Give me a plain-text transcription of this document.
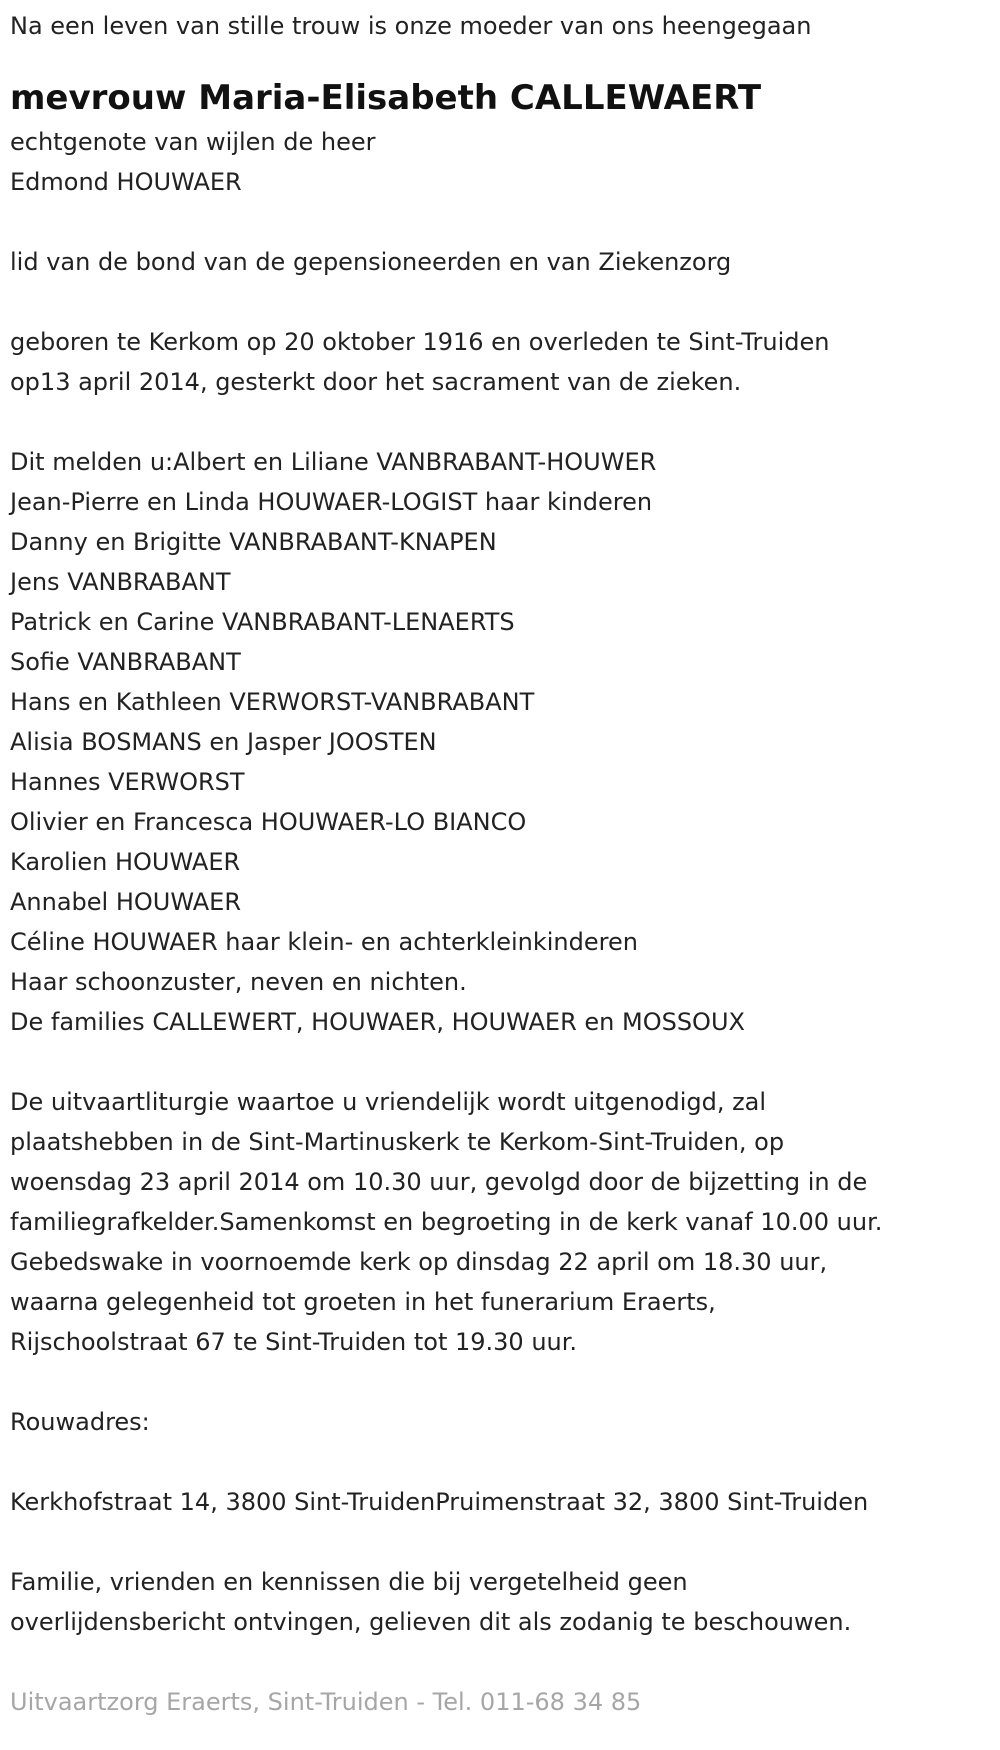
Na een leven van stille trouw is onze moeder van ons heengegaan
mevrouw Maria-Elisabeth CALLEWAERT
echtgenote van wijlen de heer
Edmond HOUWAER
lid van de bond van de gepensioneerden en van Ziekenzorg
geboren te Kerkom op 20 oktober 1916 en overleden te Sint-Truiden
op13 april 2014, gesterkt door het sacrament van de zieken.
Dit melden u:Albert en Liliane VANBRABANT-HOUWER
Jean-Pierre en Linda HOUWAER-LOGIST haar kinderen
Danny en Brigitte VANBRABANT-KNAPEN
Jens VANBRABANT
Patrick en Carine VANBRABANT-LENAERTS
Sofie VANBRABANT
Hans en Kathleen VERWORST-VANBRABANT
Alisia BOSMANS en Jasper JOOSTEN
Hannes VERWORST
Olivier en Francesca HOUWAER-LO BIANCO
Karolien HOUWAER
Annabel HOUWAER
Céline HOUWAER haar klein- en achterkleinkinderen
Haar schoonzuster, neven en nichten.
De families CALLEWERT, HOUWAER, HOUWAER en MOSSOUX
De uitvaartliturgie waartoe u vriendelijk wordt uitgenodigd, zal
plaatshebben in de Sint-Martinuskerk te Kerkom-Sint-Truiden, op
woensdag 23 april 2014 om 10.30 uur, gevolgd door de bijzetting in de
familiegrafkelder.Samenkomst en begroeting in de kerk vanaf 10.00 uur.
Gebedswake in voornoemde kerk op dinsdag 22 april om 18.30 uur,
waarna gelegenheid tot groeten in het funerarium Eraerts,
Rijschoolstraat 67 te Sint-Truiden tot 19.30 uur.
Rouwadres:
Kerkhofstraat 14, 3800 Sint-TruidenPruimenstraat 32, 3800 Sint-Truiden
Familie, vrienden en kennissen die bij vergetelheid geen
overlijdensbericht ontvingen, gelieven dit als zodanig te beschouwen.
Uitvaartzorg Eraerts, Sint-Truiden - Tel. 011-68 34 85
